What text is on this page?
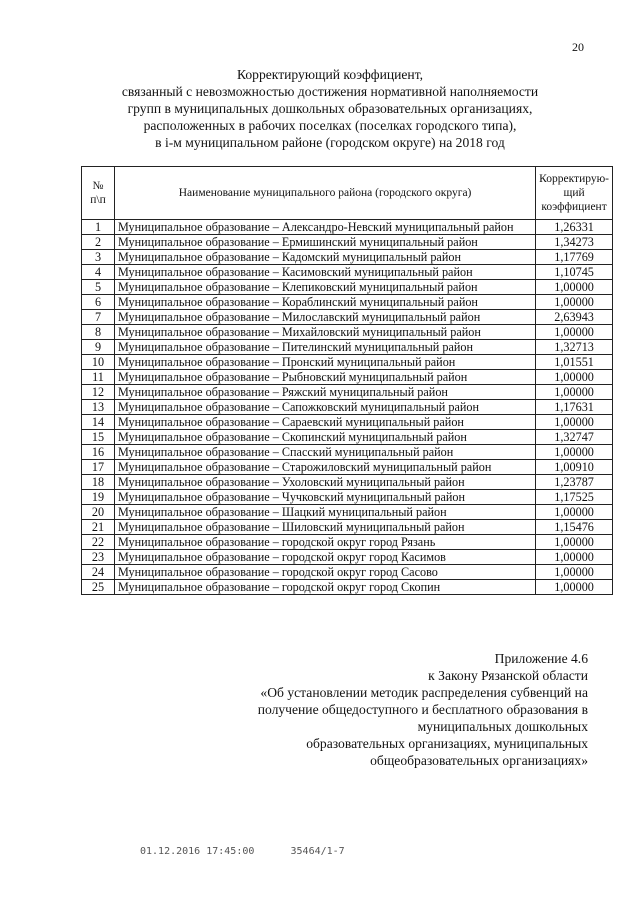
20
Корректирующий коэффициент,
связанный с невозможностью достижения нормативной наполняемости
групп в муниципальных дошкольных образовательных организациях,
расположенных в рабочих поселках (поселках городского типа),
в i-м муниципальном районе (городском округе) на 2018 год
№ п\п	Наименование муниципального района (городского округа)	Корректирую-щий коэффициент
1	Муниципальное образование – Александро-Невский муниципальный район	1,26331
2	Муниципальное образование – Ермишинский муниципальный район	1,34273
3	Муниципальное образование – Кадомский муниципальный район	1,17769
4	Муниципальное образование – Касимовский муниципальный район	1,10745
5	Муниципальное образование – Клепиковский муниципальный район	1,00000
6	Муниципальное образование – Кораблинский муниципальный район	1,00000
7	Муниципальное образование – Милославский муниципальный район	2,63943
8	Муниципальное образование – Михайловский муниципальный район	1,00000
9	Муниципальное образование – Пителинский муниципальный район	1,32713
10	Муниципальное образование – Пронский муниципальный район	1,01551
11	Муниципальное образование – Рыбновский муниципальный район	1,00000
12	Муниципальное образование – Ряжский муниципальный район	1,00000
13	Муниципальное образование – Сапожковский муниципальный район	1,17631
14	Муниципальное образование – Сараевский муниципальный район	1,00000
15	Муниципальное образование – Скопинский муниципальный район	1,32747
16	Муниципальное образование – Спасский муниципальный район	1,00000
17	Муниципальное образование – Старожиловский муниципальный район	1,00910
18	Муниципальное образование – Ухоловский муниципальный район	1,23787
19	Муниципальное образование – Чучковский муниципальный район	1,17525
20	Муниципальное образование – Шацкий муниципальный район	1,00000
21	Муниципальное образование – Шиловский муниципальный район	1,15476
22	Муниципальное образование – городской округ город Рязань	1,00000
23	Муниципальное образование – городской округ город Касимов	1,00000
24	Муниципальное образование – городской округ город Сасово	1,00000
25	Муниципальное образование – городской округ город Скопин	1,00000
Приложение 4.6
к Закону Рязанской области
«Об установлении методик распределения субвенций на
получение общедоступного и бесплатного образования в
муниципальных дошкольных
образовательных организациях, муниципальных
общеобразовательных организациях»
01.12.2016 17:45:00	35464/1-7
